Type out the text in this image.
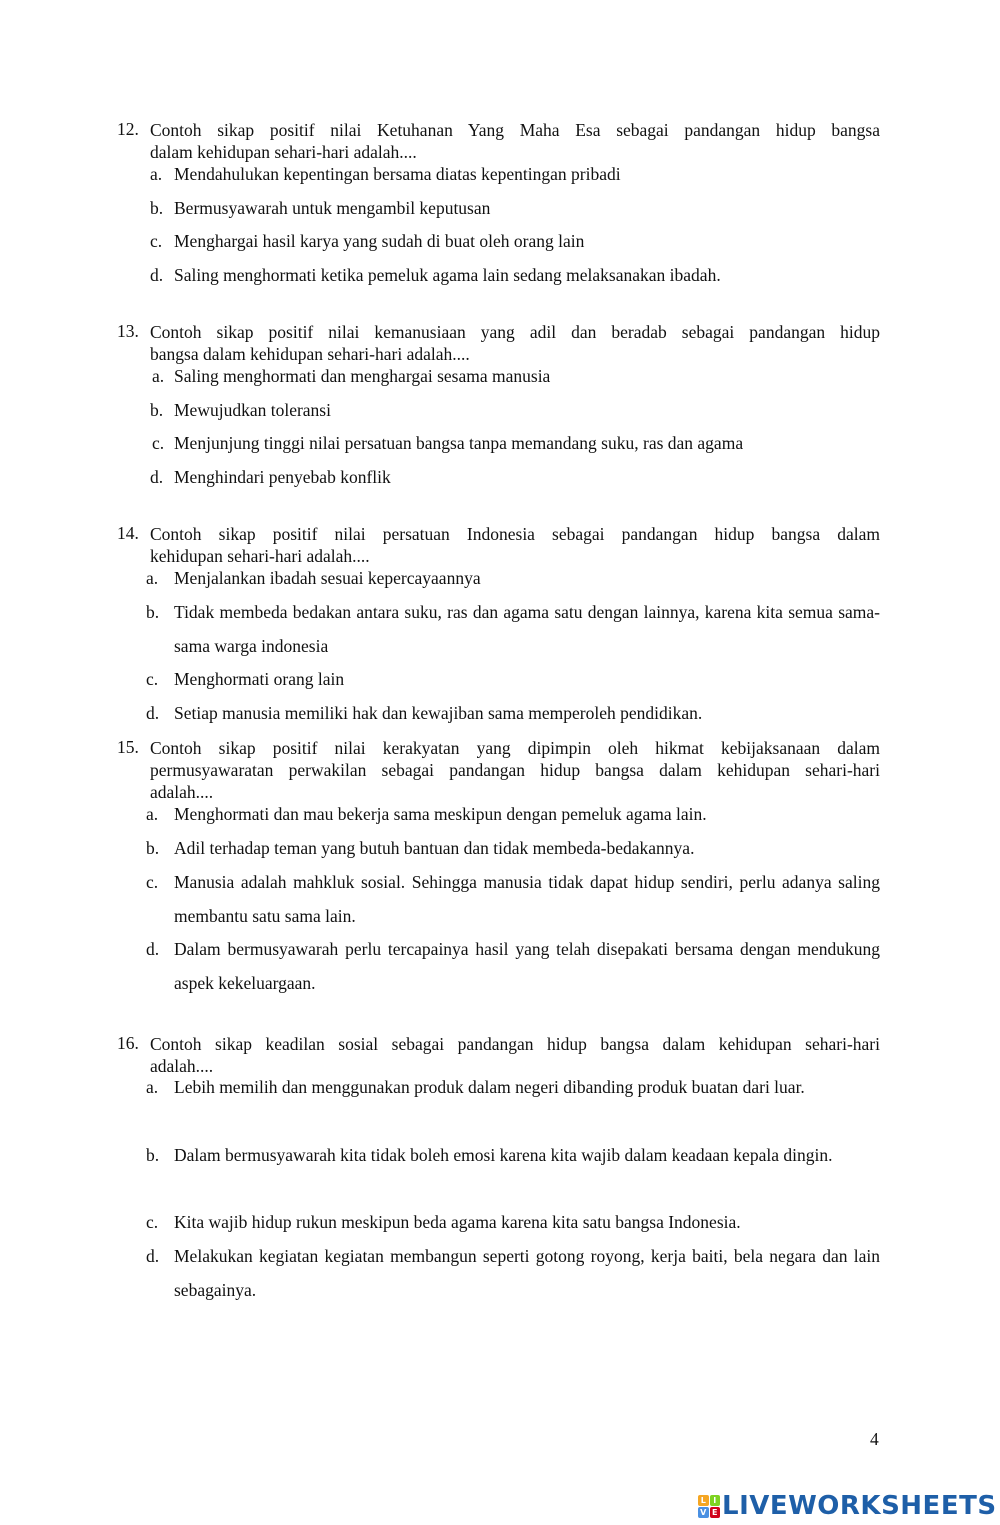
12. Contoh sikap positif nilai Ketuhanan Yang Maha Esa sebagai pandangan hidup bangsa
dalam kehidupan sehari-hari adalah....
a. Mendahulukan kepentingan bersama diatas kepentingan pribadi
b. Bermusyawarah untuk mengambil keputusan
c. Menghargai hasil karya yang sudah di buat oleh orang lain
d. Saling menghormati ketika pemeluk agama lain sedang melaksanakan ibadah.
13. Contoh sikap positif nilai kemanusiaan yang adil dan beradab sebagai pandangan hidup
bangsa dalam kehidupan sehari-hari adalah....
a. Saling menghormati dan menghargai sesama manusia
b. Mewujudkan toleransi
c. Menjunjung tinggi nilai persatuan bangsa tanpa memandang suku, ras dan agama
d. Menghindari penyebab konflik
14. Contoh sikap positif nilai persatuan Indonesia sebagai pandangan hidup bangsa dalam
kehidupan sehari-hari adalah....
a. Menjalankan ibadah sesuai kepercayaannya
b. Tidak membeda bedakan antara suku, ras dan agama satu dengan lainnya, karena kita semua sama-sama warga indonesia
c. Menghormati orang lain
d. Setiap manusia memiliki hak dan kewajiban sama memperoleh pendidikan.
15. Contoh sikap positif nilai kerakyatan yang dipimpin oleh hikmat kebijaksanaan dalam
permusyawaratan perwakilan sebagai pandangan hidup bangsa dalam kehidupan sehari-hari
adalah....
a. Menghormati dan mau bekerja sama meskipun dengan pemeluk agama lain.
b. Adil terhadap teman yang butuh bantuan dan tidak membeda-bedakannya.
c. Manusia adalah mahkluk sosial. Sehingga manusia tidak dapat hidup sendiri, perlu adanya saling membantu satu sama lain.
d. Dalam bermusyawarah perlu tercapainya hasil yang telah disepakati bersama dengan mendukung aspek kekeluargaan.
16. Contoh sikap keadilan sosial sebagai pandangan hidup bangsa dalam kehidupan sehari-hari
adalah....
a. Lebih memilih dan menggunakan produk dalam negeri dibanding produk buatan dari luar.
b. Dalam bermusyawarah kita tidak boleh emosi karena kita wajib dalam keadaan kepala dingin.
c. Kita wajib hidup rukun meskipun beda agama karena kita satu bangsa Indonesia.
d. Melakukan kegiatan kegiatan membangun seperti gotong royong, kerja baiti, bela negara dan lain sebagainya.
4
L I
V E LIVEWORKSHEETS
